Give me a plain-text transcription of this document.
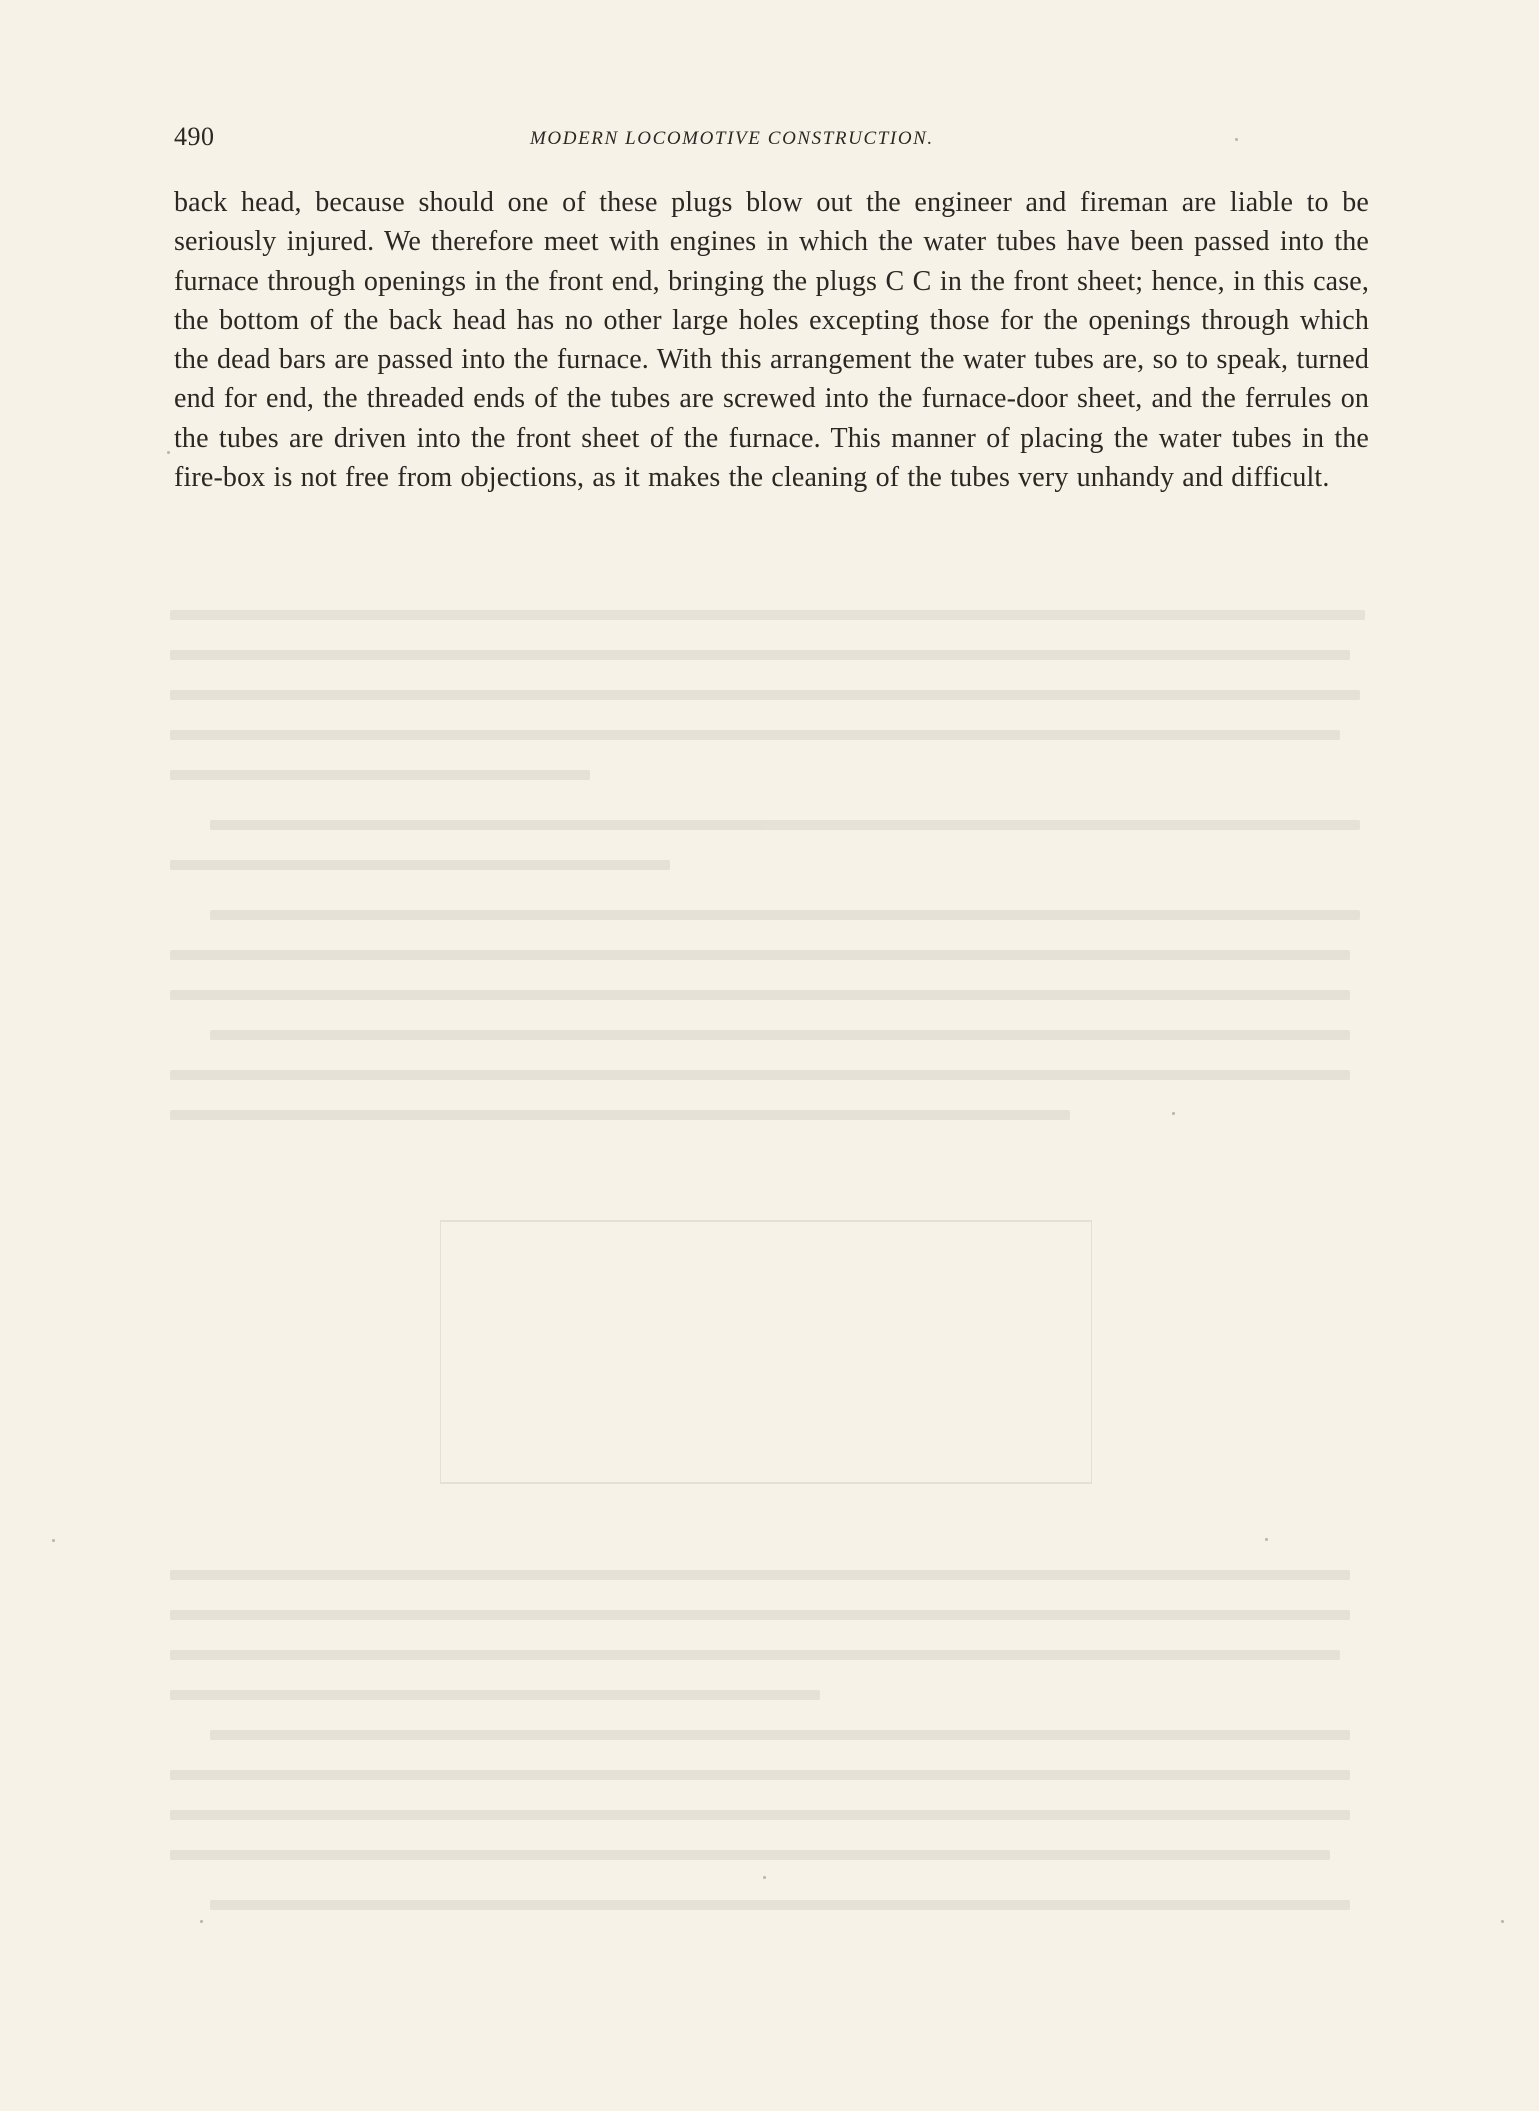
490	MODERN LOCOMOTIVE CONSTRUCTION.

back head, because should one of these plugs blow out the engineer and fireman are liable to be seriously injured. We therefore meet with engines in which the water tubes have been passed into the furnace through openings in the front end, bringing the plugs C C in the front sheet; hence, in this case, the bottom of the back head has no other large holes excepting those for the openings through which the dead bars are passed into the furnace. With this arrangement the water tubes are, so to speak, turned end for end, the threaded ends of the tubes are screwed into the furnace-door sheet, and the ferrules on the tubes are driven into the front sheet of the furnace. This manner of placing the water tubes in the fire-box is not free from objections, as it makes the cleaning of the tubes very unhandy and difficult.
